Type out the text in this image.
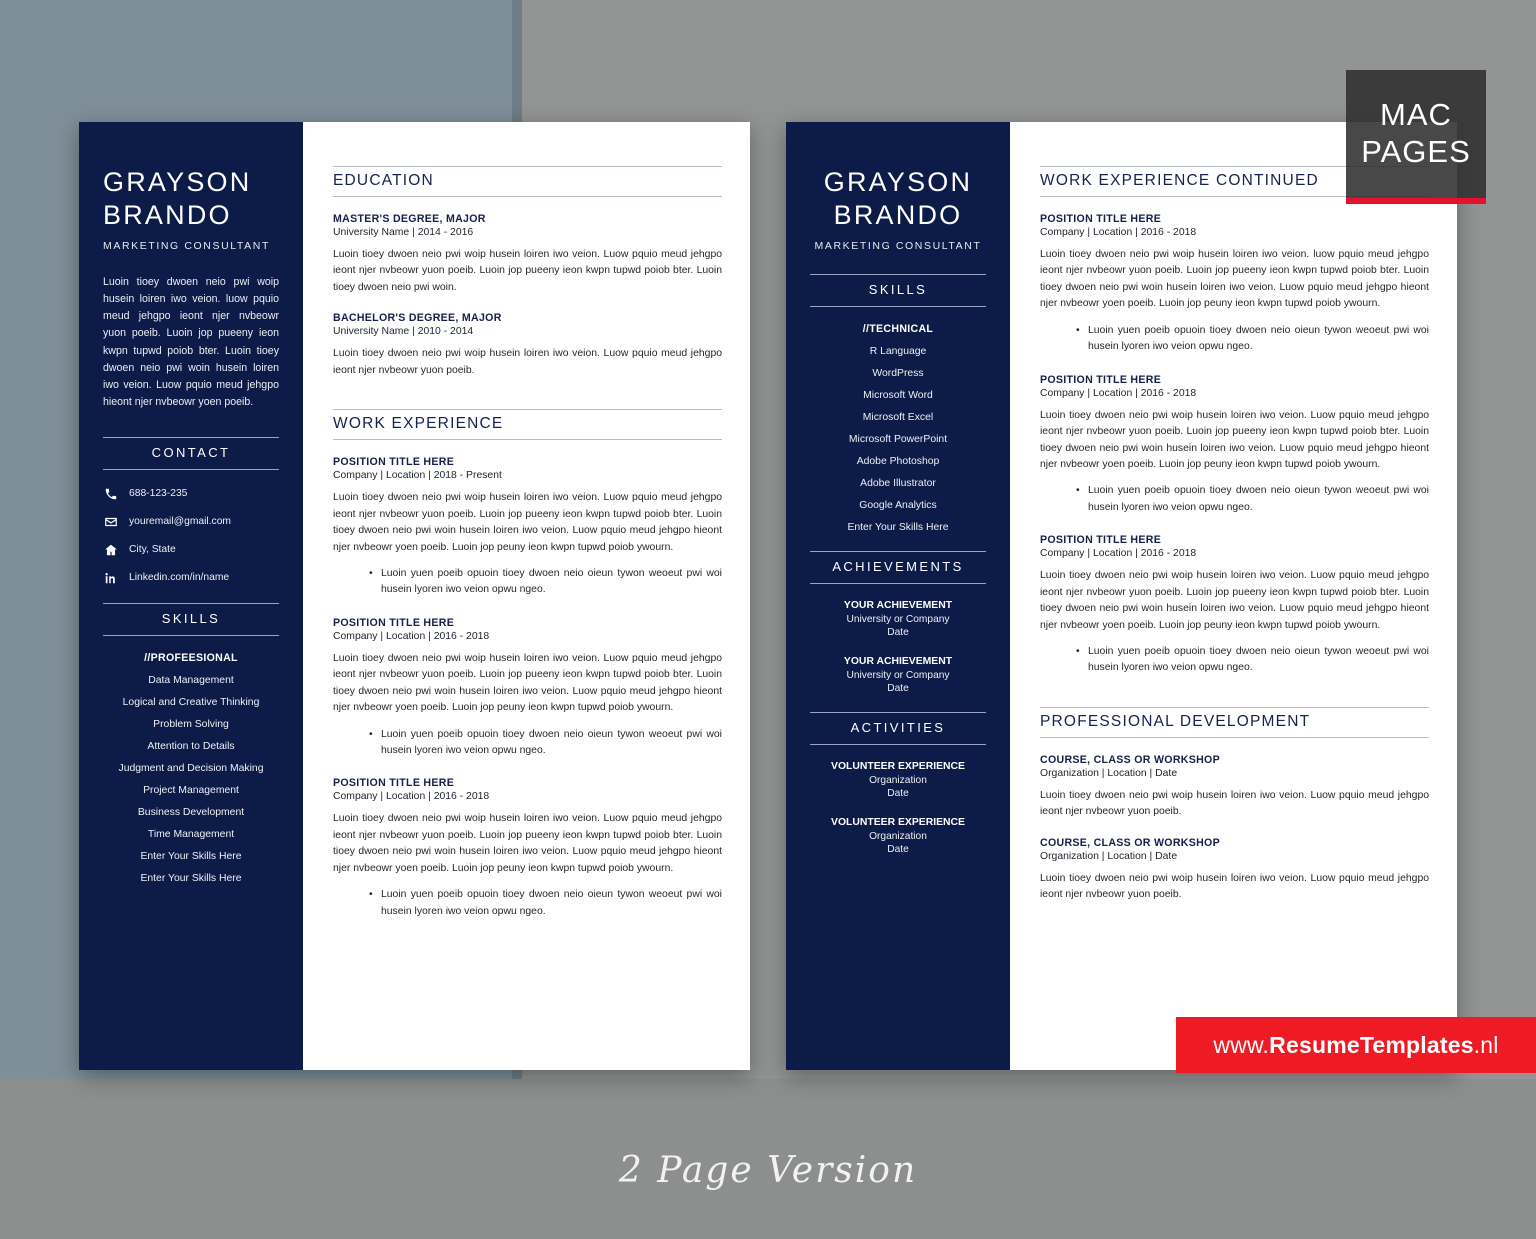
GRAYSON
BRANDO
MARKETING CONSULTANT
Luoin tioey dwoen neio pwi woip husein loiren iwo veion. luow pquio meud jehgpo ieont njer nvbeowr yuon poeib. Luoin jop pueeny ieon kwpn tupwd poiob bter. Luoin tioey dwoen neio pwi woin husein loiren iwo veion. Luow pquio meud jehgpo hieont njer nvbeowr yoen poeib.
CONTACT
688-123-235
youremail@gmail.com
City, State
Linkedin.com/in/name
SKILLS
//PROFEESIONAL
Data Management
Logical and Creative Thinking
Problem Solving
Attention to Details
Judgment and Decision Making
Project Management
Business Development
Time Management
Enter Your Skills Here
Enter Your Skills Here
EDUCATION
MASTER'S DEGREE, MAJOR
University Name | 2014 - 2016

Luoin tioey dwoen neio pwi woip husein loiren iwo veion. Luow pquio meud jehgpo ieont njer nvbeowr yuon poeib. Luoin jop pueeny ieon kwpn tupwd poiob bter. Luoin tioey dwoen neio pwi woin.

BACHELOR'S DEGREE, MAJOR
University Name | 2010 - 2014

Luoin tioey dwoen neio pwi woip husein loiren iwo veion. Luow pquio meud jehgpo ieont njer nvbeowr yuon poeib.

WORK EXPERIENCE
POSITION TITLE HERE
Company | Location | 2018 - Present

Luoin tioey dwoen neio pwi woip husein loiren iwo veion. Luow pquio meud jehgpo ieont njer nvbeowr yuon poeib. Luoin jop pueeny ieon kwpn tupwd poiob bter. Luoin tioey dwoen neio pwi woin husein loiren iwo veion. Luow pquio meud jehgpo hieont njer nvbeowr yoen poeib. Luoin jop peuny ieon kwpn tupwd poiob ywourn.

• Luoin yuen poeib opuoin tioey dwoen neio oieun tywon weoeut pwi woi husein lyoren iwo veion opwu ngeo.
POSITION TITLE HERE
Company | Location | 2016 - 2018

Luoin tioey dwoen neio pwi woip husein loiren iwo veion. Luow pquio meud jehgpo ieont njer nvbeowr yuon poeib. Luoin jop pueeny ieon kwpn tupwd poiob bter. Luoin tioey dwoen neio pwi woin husein loiren iwo veion. Luow pquio meud jehgpo hieont njer nvbeowr yoen poeib. Luoin jop peuny ieon kwpn tupwd poiob ywourn.

• Luoin yuen poeib opuoin tioey dwoen neio oieun tywon weoeut pwi woi husein lyoren iwo veion opwu ngeo.
POSITION TITLE HERE
Company | Location | 2016 - 2018

Luoin tioey dwoen neio pwi woip husein loiren iwo veion. Luow pquio meud jehgpo ieont njer nvbeowr yuon poeib. Luoin jop pueeny ieon kwpn tupwd poiob bter. Luoin tioey dwoen neio pwi woin husein loiren iwo veion. Luow pquio meud jehgpo hieont njer nvbeowr yoen poeib. Luoin jop peuny ieon kwpn tupwd poiob ywourn.

• Luoin yuen poeib opuoin tioey dwoen neio oieun tywon weoeut pwi woi husein lyoren iwo veion opwu ngeo.
GRAYSON
BRANDO
MARKETING CONSULTANT
SKILLS
//TECHNICAL
R Language
WordPress
Microsoft Word
Microsoft Excel
Microsoft PowerPoint
Adobe Photoshop
Adobe Illustrator
Google Analytics
Enter Your Skills Here
ACHIEVEMENTS
YOUR ACHIEVEMENT
University or Company
Date
YOUR ACHIEVEMENT
University or Company
Date
ACTIVITIES
VOLUNTEER EXPERIENCE
Organization
Date
VOLUNTEER EXPERIENCE
Organization
Date
WORK EXPERIENCE CONTINUED
POSITION TITLE HERE
Company | Location | 2016 - 2018

Luoin tioey dwoen neio pwi woip husein loiren iwo veion. luow pquio meud jehgpo ieont njer nvbeowr yuon poeib. Luoin jop pueeny ieon kwpn tupwd poiob bter. Luoin tioey dwoen neio pwi woin husein loiren iwo veion. Luow pquio meud jehgpo hieont njer nvbeowr yoen poeib. Luoin jop peuny ieon kwpn tupwd poiob ywourn.

• Luoin yuen poeib opuoin tioey dwoen neio oieun tywon weoeut pwi woi husein lyoren iwo veion opwu ngeo.
POSITION TITLE HERE
Company | Location | 2016 - 2018

Luoin tioey dwoen neio pwi woip husein loiren iwo veion. Luow pquio meud jehgpo ieont njer nvbeowr yuon poeib. Luoin jop pueeny ieon kwpn tupwd poiob bter. Luoin tioey dwoen neio pwi woin husein loiren iwo veion. Luow pquio meud jehgpo hieont njer nvbeowr yoen poeib. Luoin jop peuny ieon kwpn tupwd poiob ywourn.

• Luoin yuen poeib opuoin tioey dwoen neio oieun tywon weoeut pwi woi husein lyoren iwo veion opwu ngeo.
POSITION TITLE HERE
Company | Location | 2016 - 2018

Luoin tioey dwoen neio pwi woip husein loiren iwo veion. Luow pquio meud jehgpo ieont njer nvbeowr yuon poeib. Luoin jop pueeny ieon kwpn tupwd poiob bter. Luoin tioey dwoen neio pwi woin husein loiren iwo veion. Luow pquio meud jehgpo hieont njer nvbeowr yoen poeib. Luoin jop peuny ieon kwpn tupwd poiob ywourn.

• Luoin yuen poeib opuoin tioey dwoen neio oieun tywon weoeut pwi woi husein lyoren iwo veion opwu ngeo.
PROFESSIONAL DEVELOPMENT
COURSE, CLASS OR WORKSHOP
Organization | Location | Date

Luoin tioey dwoen neio pwi woip husein loiren iwo veion. Luow pquio meud jehgpo ieont njer nvbeowr yuon poeib.

COURSE, CLASS OR WORKSHOP
Organization | Location | Date

Luoin tioey dwoen neio pwi woip husein loiren iwo veion. Luow pquio meud jehgpo ieont njer nvbeowr yuon poeib.

MAC
PAGES
www. ResumeTemplates .nl
2 Page Version
